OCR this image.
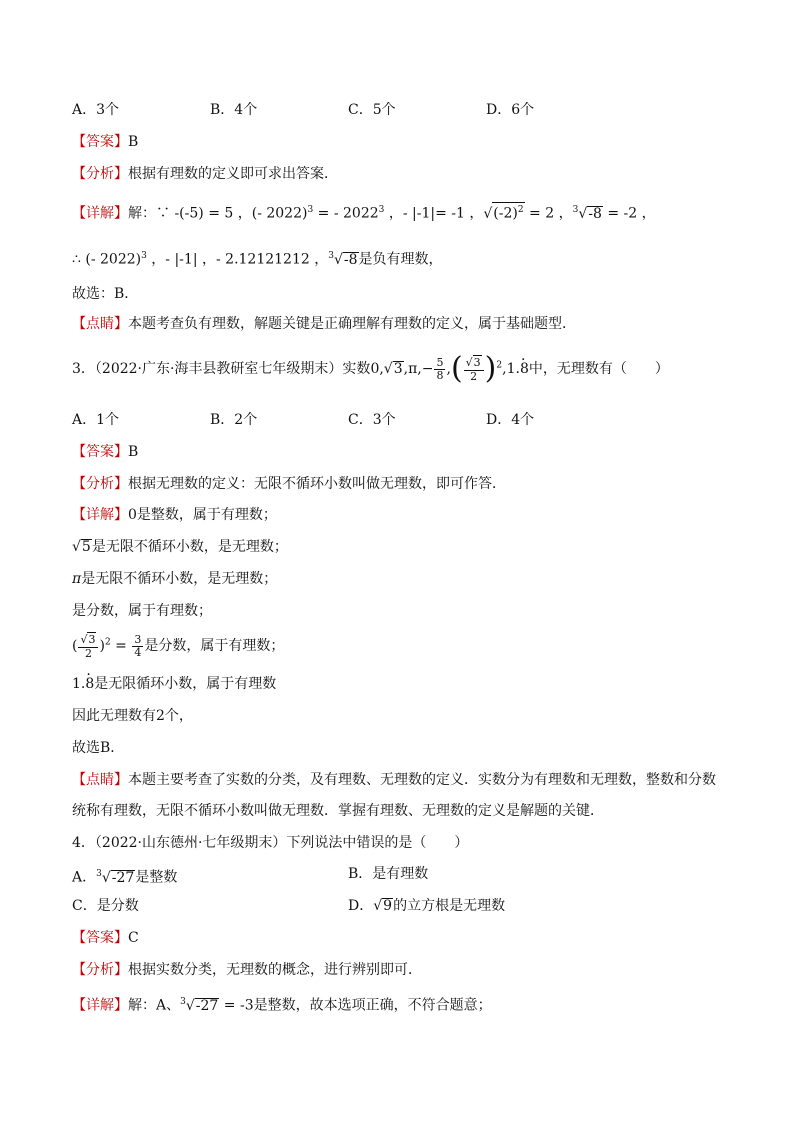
A．3个	B．4个	C．5个	D．6个
【答案】B
【分析】根据有理数的定义即可求出答案．
【详解】解：∵ -(-5) = 5 ，(- 2022)$^3$ = - 2022$^3$ ，- |-1|= -1 ， √ $(-2)^2 = 2$ ，$^3$ √ -8 = -2 ，
∴ (- 2022)$^3$ ，- |-1| ，- 2.12121212 ，$^3$ √ -8是负有理数，
故选：B．
【点睛】本题考查负有理数，解题关键是正确理解有理数的定义，属于基础题型．
3．（2022·广东·海丰县教研室七年级期末）实数0, √ $3,\pi,- \frac{5}{8}$ ,( √ $\frac{3}{2} )^2,1.\cdot 8$中，无理数有（　　）
A．1个	B．2个	C．3个	D．4个
【答案】B
【分析】根据无理数的定义：无限不循环小数叫做无理数，即可作答．
【详解】0是整数，属于有理数；
√ 5是无限不循环小数，是无理数；
π是无限不循环小数，是无理数；
是分数，属于有理数；
( √ $\frac{3}{2} )^2 = \frac{3}{4}$ 是分数，属于有理数；
1.· 8是无限循环小数，属于有理数
因此无理数有2个，
故选B．
【点睛】本题主要考查了实数的分类，及有理数、无理数的定义．实数分为有理数和无理数，整数和分数
统称有理数，无限不循环小数叫做无理数．掌握有理数、无理数的定义是解题的关键．
4．（2022·山东德州·七年级期末）下列说法中错误的是（　　）
A．$^3$ √ -27是整数	B．是有理数
C．是分数	D． √ 9的立方根是无理数
【答案】C
【分析】根据实数分类，无理数的概念，进行辨别即可．
【详解】解：A、$^3$ √ -27 = -3是整数，故本选项正确，不符合题意；
